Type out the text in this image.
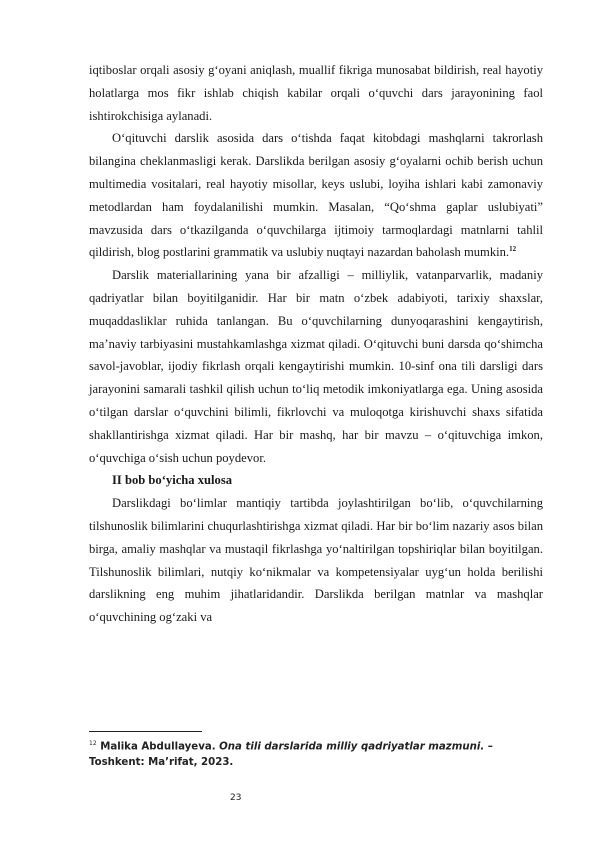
iqtiboslar orqali asosiy g‘oyani aniqlash, muallif fikriga munosabat bildirish, real hayotiy holatlarga mos fikr ishlab chiqish kabilar orqali o‘quvchi dars jarayonining faol ishtirokchisiga aylanadi.

O‘qituvchi darslik asosida dars o‘tishda faqat kitobdagi mashqlarni takrorlash bilangina cheklanmasligi kerak. Darslikda berilgan asosiy g‘oyalarni ochib berish uchun multimedia vositalari, real hayotiy misollar, keys uslubi, loyiha ishlari kabi zamonaviy metodlardan ham foydalanilishi mumkin. Masalan, “Qo‘shma gaplar uslubiyati” mavzusida dars o‘tkazilganda o‘quvchilarga ijtimoiy tarmoqlardagi matnlarni tahlil qildirish, blog postlarini grammatik va uslubiy nuqtayi nazardan baholash mumkin.$^{12}$

Darslik materiallarining yana bir afzalligi – milliylik, vatanparvarlik, madaniy qadriyatlar bilan boyitilganidir. Har bir matn o‘zbek adabiyoti, tarixiy shaxslar, muqaddasliklar ruhida tanlangan. Bu o‘quvchilarning dunyoqarashini kengaytirish, ma’naviy tarbiyasini mustahkamlashga xizmat qiladi. O‘qituvchi buni darsda qo‘shimcha savol-javoblar, ijodiy fikrlash orqali kengaytirishi mumkin. 10-sinf ona tili darsligi dars jarayonini samarali tashkil qilish uchun to‘liq metodik imkoniyatlarga ega. Uning asosida o‘tilgan darslar o‘quvchini bilimli, fikrlovchi va muloqotga kirishuvchi shaxs sifatida shakllantirishga xizmat qiladi. Har bir mashq, har bir mavzu – o‘qituvchiga imkon, o‘quvchiga o‘sish uchun poydevor.

II bob bo‘yicha xulosa

Darslikdagi bo‘limlar mantiqiy tartibda joylashtirilgan bo‘lib, o‘quvchilarning tilshunoslik bilimlarini chuqurlashtirishga xizmat qiladi. Har bir bo‘lim nazariy asos bilan birga, amaliy mashqlar va mustaqil fikrlashga yo‘naltirilgan topshiriqlar bilan boyitilgan. Tilshunoslik bilimlari, nutqiy ko‘nikmalar va kompetensiyalar uyg‘un holda berilishi darslikning eng muhim jihatlaridandir. Darslikda berilgan matnlar va mashqlar o‘quvchining og‘zaki va

$^{12}$ Malika Abdullayeva. Ona tili darslarida milliy qadriyatlar mazmuni. –
Toshkent: Ma’rifat, 2023.
23
